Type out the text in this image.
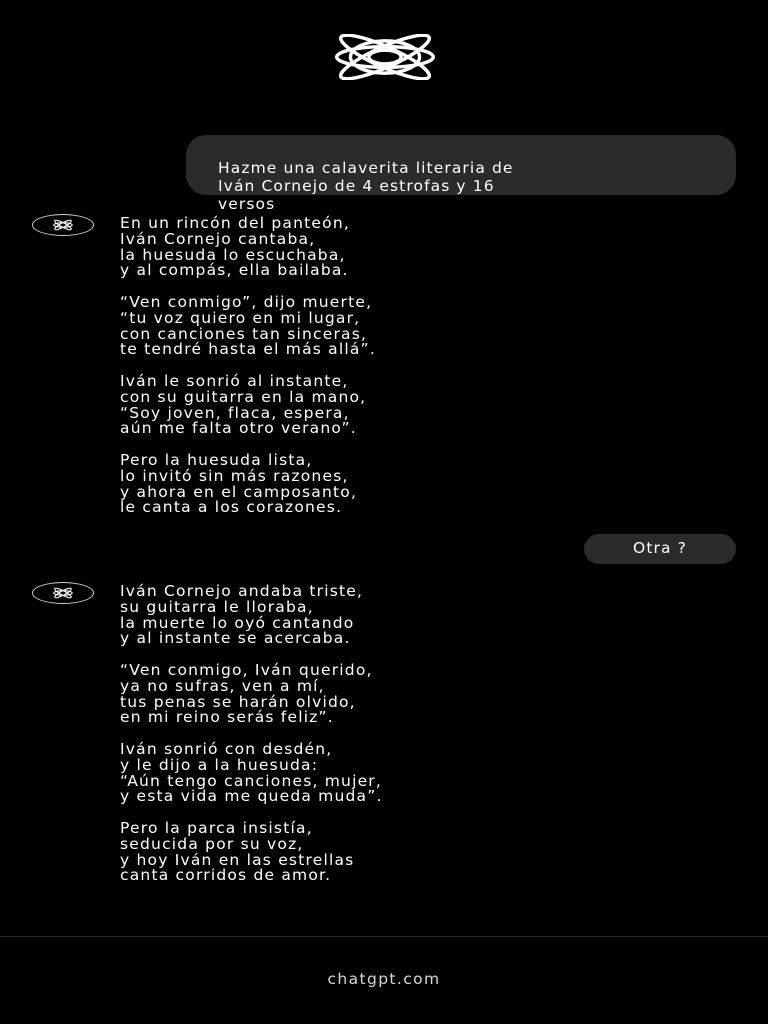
Hazme una calaverita literaria de
Iván Cornejo de 4 estrofas y 16
versos

En un rincón del panteón,
Iván Cornejo cantaba,
la huesuda lo escuchaba,
y al compás, ella bailaba.
“Ven conmigo”, dijo muerte,
“tu voz quiero en mi lugar,
con canciones tan sinceras,
te tendré hasta el más allá”.
Iván le sonrió al instante,
con su guitarra en la mano,
“Soy joven, flaca, espera,
aún me falta otro verano”.
Pero la huesuda lista,
lo invitó sin más razones,
y ahora en el camposanto,
le canta a los corazones.
Otra ?
Iván Cornejo andaba triste,
su guitarra le lloraba,
la muerte lo oyó cantando
y al instante se acercaba.
“Ven conmigo, Iván querido,
ya no sufras, ven a mí,
tus penas se harán olvido,
en mi reino serás feliz”.
Iván sonrió con desdén,
y le dijo a la huesuda:
“Aún tengo canciones, mujer,
y esta vida me queda muda”.
Pero la parca insistía,
seducida por su voz,
y hoy Iván en las estrellas
canta corridos de amor.
chatgpt.com
